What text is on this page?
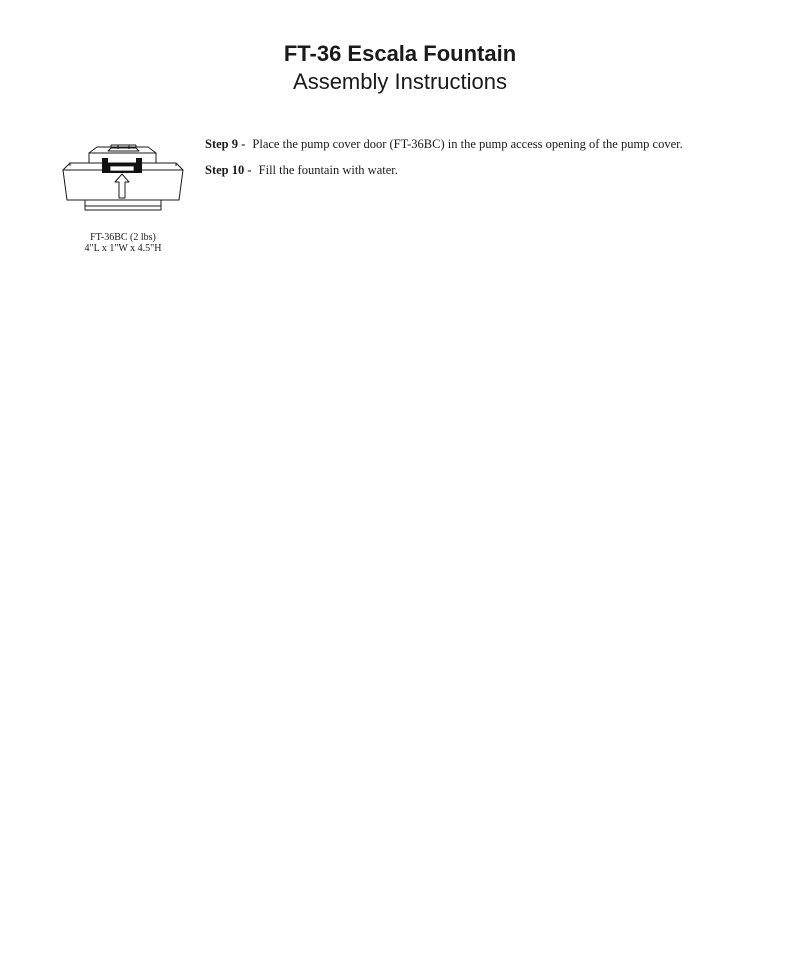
FT-36 Escala Fountain

Assembly Instructions

FT-36BC (2 lbs)
4"L x 1"W x 4.5"H

Step 9 - Place the pump cover door (FT-36BC) in the pump access opening of the pump cover.

Step 10 - Fill the fountain with water.
